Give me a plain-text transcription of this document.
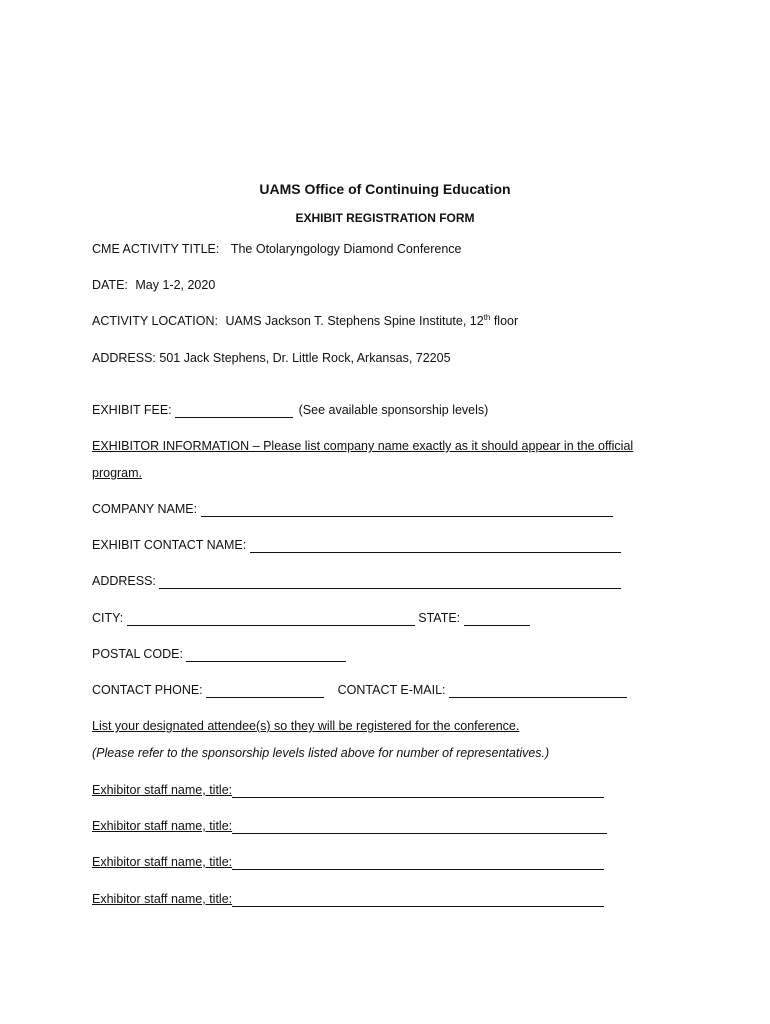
UAMS Office of Continuing Education
EXHIBIT REGISTRATION FORM
CME ACTIVITY TITLE: The Otolaryngology Diamond Conference
DATE: May 1-2, 2020
ACTIVITY LOCATION: UAMS Jackson T. Stephens Spine Institute, 12th floor
ADDRESS: 501 Jack Stephens, Dr. Little Rock, Arkansas, 72205
EXHIBIT FEE:	(See available sponsorship levels)
EXHIBITOR INFORMATION – Please list company name exactly as it should appear in the official
program.
COMPANY NAME:
EXHIBIT CONTACT NAME:
ADDRESS:
CITY:	STATE:
POSTAL CODE:
CONTACT PHONE:	CONTACT E-MAIL:
List your designated attendee(s) so they will be registered for the conference.
(Please refer to the sponsorship levels listed above for number of representatives.)
Exhibitor staff name, title:
Exhibitor staff name, title:
Exhibitor staff name, title:
Exhibitor staff name, title:
